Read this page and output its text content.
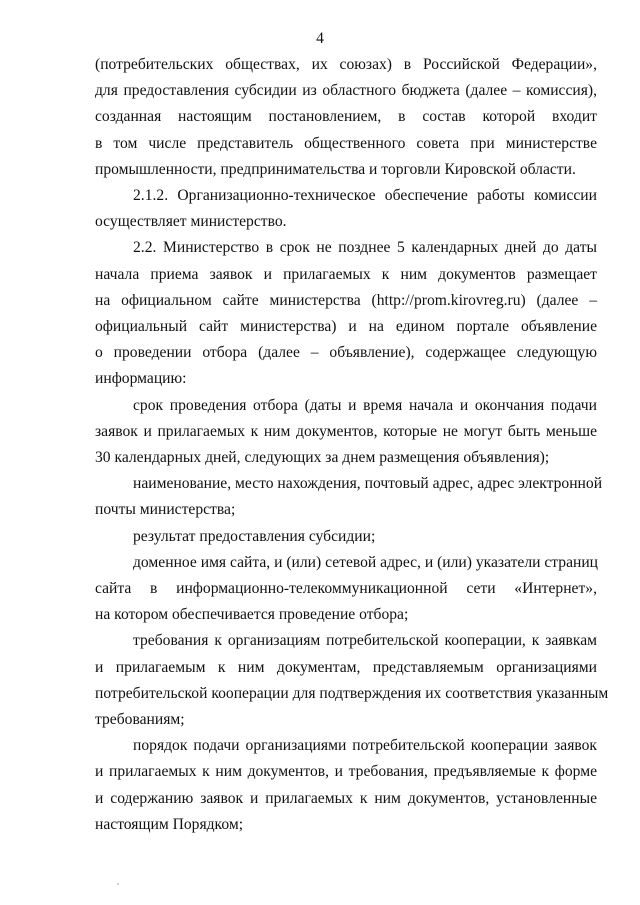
4
(потребительских обществах, их союзах) в Российской Федерации»,
для предоставления субсидии из областного бюджета (далее – комиссия),
созданная настоящим постановлением, в состав которой входит
в том числе представитель общественного совета при министерстве
промышленности, предпринимательства и торговли Кировской области.
2.1.2. Организационно-техническое обеспечение работы комиссии
осуществляет министерство.
2.2. Министерство в срок не позднее 5 календарных дней до даты
начала приема заявок и прилагаемых к ним документов размещает
на официальном сайте министерства (http://prom.kirovreg.ru) (далее –
официальный сайт министерства) и на едином портале объявление
о проведении отбора (далее – объявление), содержащее следующую
информацию:
срок проведения отбора (даты и время начала и окончания подачи
заявок и прилагаемых к ним документов, которые не могут быть меньше
30 календарных дней, следующих за днем размещения объявления);
наименование, место нахождения, почтовый адрес, адрес электронной
почты министерства;
результат предоставления субсидии;
доменное имя сайта, и (или) сетевой адрес, и (или) указатели страниц
сайта в информационно-телекоммуникационной сети «Интернет»,
на котором обеспечивается проведение отбора;
требования к организациям потребительской кооперации, к заявкам
и прилагаемым к ним документам, представляемым организациями
потребительской кооперации для подтверждения их соответствия указанным
требованиям;
порядок подачи организациями потребительской кооперации заявок
и прилагаемых к ним документов, и требования, предъявляемые к форме
и содержанию заявок и прилагаемых к ним документов, установленные
настоящим Порядком;
